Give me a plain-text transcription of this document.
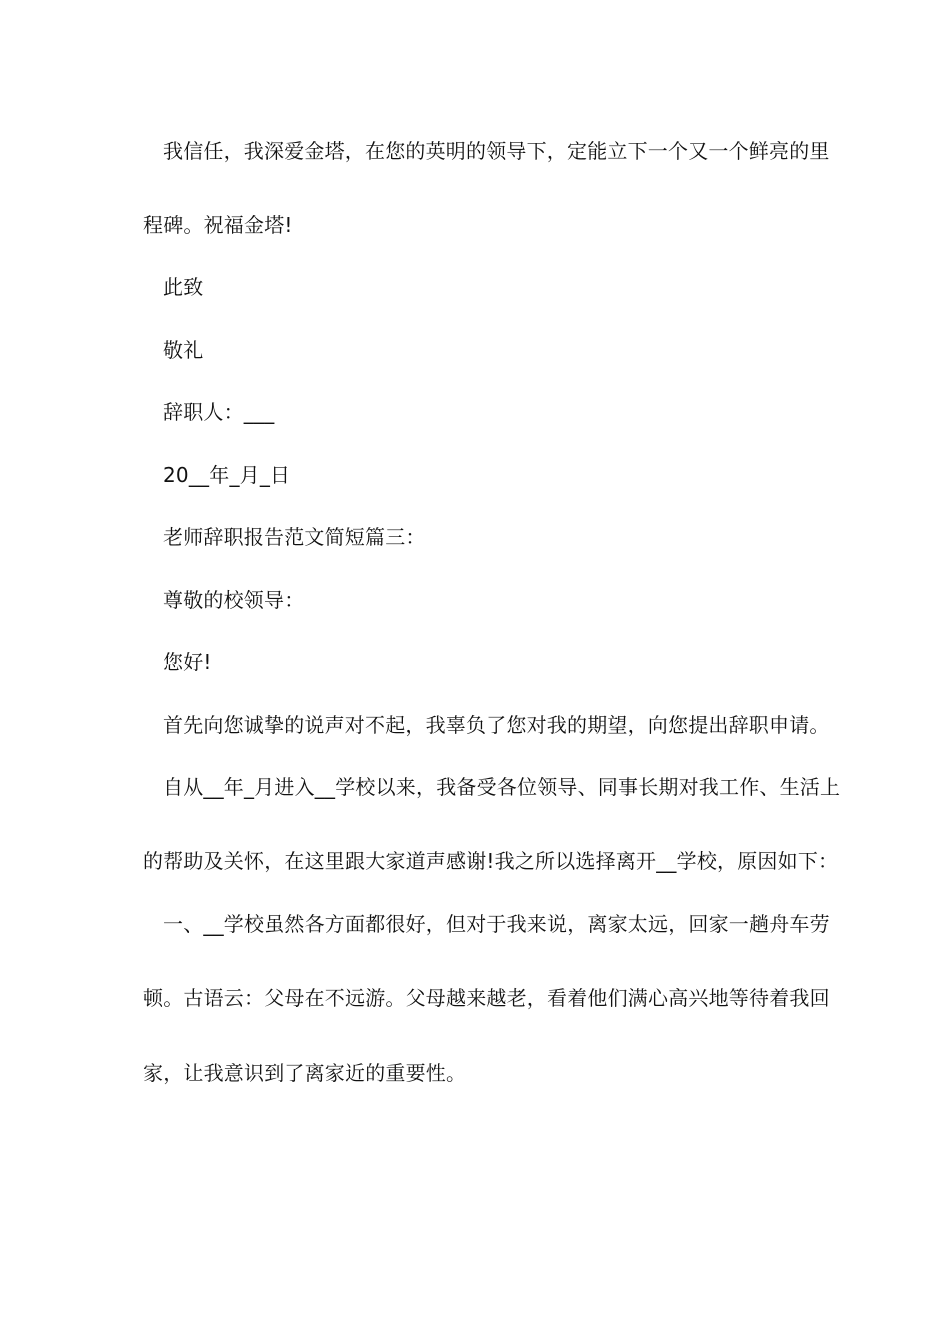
我信任，我深爱金塔，在您的英明的领导下，定能立下一个又一个鲜亮的里
程碑。祝福金塔!
此致
敬礼
辞职人：___
20__年_月_日
老师辞职报告范文简短篇三：
尊敬的校领导：
您好!
首先向您诚挚的说声对不起，我辜负了您对我的期望，向您提出辞职申请。
自从__年_月进入__学校以来，我备受各位领导、同事长期对我工作、生活上
的帮助及关怀，在这里跟大家道声感谢!我之所以选择离开__学校，原因如下：
一、__学校虽然各方面都很好，但对于我来说，离家太远，回家一趟舟车劳
顿。古语云：父母在不远游。父母越来越老，看着他们满心高兴地等待着我回
家，让我意识到了离家近的重要性。
